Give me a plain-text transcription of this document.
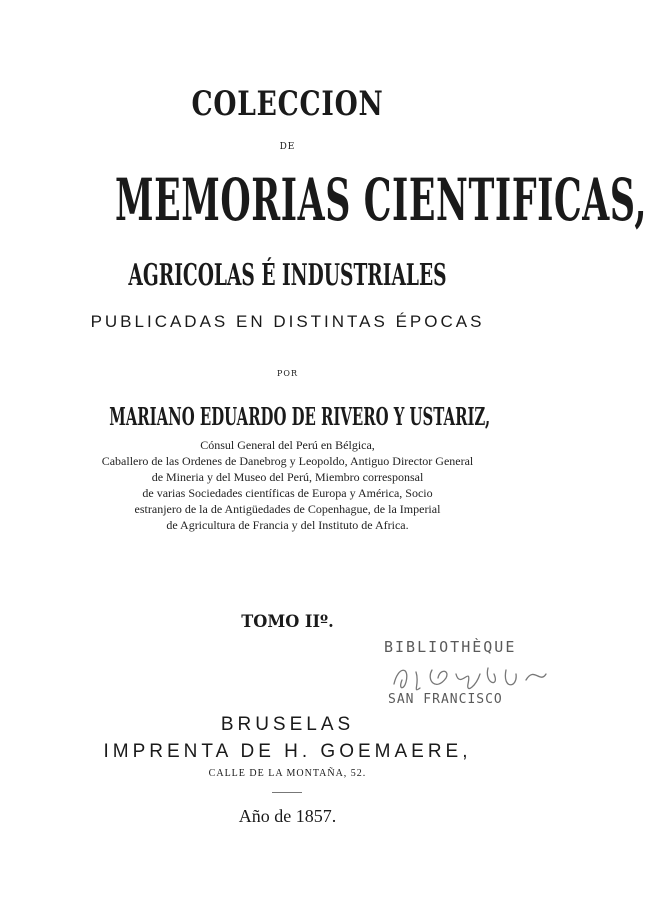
COLECCION
DE
MEMORIAS CIENTIFICAS,
AGRICOLAS É INDUSTRIALES
PUBLICADAS EN DISTINTAS ÉPOCAS
POR
MARIANO EDUARDO DE RIVERO Y USTARIZ,
Cónsul General del Perú en Bélgica,
Caballero de las Ordenes de Danebrog y Leopoldo, Antiguo Director General
de Mineria y del Museo del Perú, Miembro corresponsal
de varias Sociedades científicas de Europa y América, Socio
estranjero de la de Antigüedades de Copenhague, de la Imperial
de Agricultura de Francia y del Instituto de Africa.
TOMO IIº.
BIBLIOTHÈQUE
SAN FRANCISCO
BRUSELAS
IMPRENTA DE H. GOEMAERE,
CALLE DE LA MONTAÑA, 52.
Año de 1857.
